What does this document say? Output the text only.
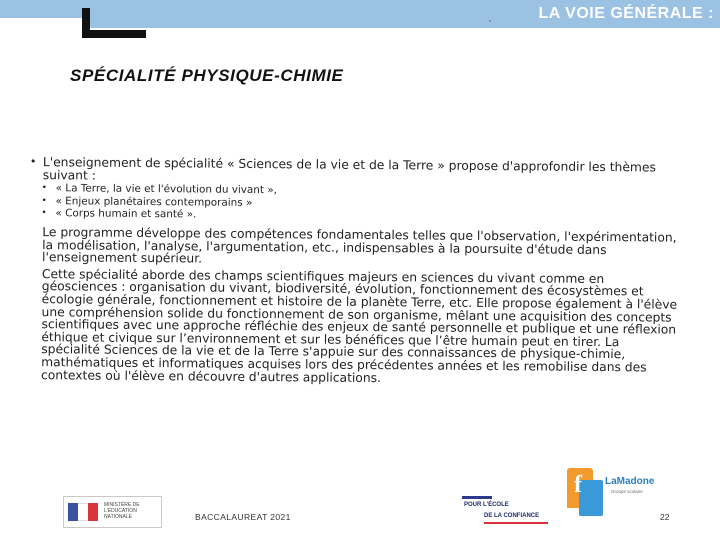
LA VOIE GÉNÉRALE :
`
SPÉCIALITÉ PHYSIQUE-CHIMIE
• L'enseignement de spécialité « Sciences de la vie et de la Terre » propose d'approfondir les thèmes suivant :
• « La Terre, la vie et l'évolution du vivant »,
• « Enjeux planétaires contemporains »
• « Corps humain et santé ».

Le programme développe des compétences fondamentales telles que l'observation, l'expérimentation, la modélisation, l'analyse, l'argumentation, etc., indispensables à la poursuite d'étude dans l'enseignement supérieur.

Cette spécialité aborde des champs scientifiques majeurs en sciences du vivant comme en géosciences : organisation du vivant, biodiversité, évolution, fonctionnement des écosystèmes et écologie générale, fonctionnement et histoire de la planète Terre, etc. Elle propose également à l'élève une compréhension solide du fonctionnement de son organisme, mêlant une acquisition des concepts scientifiques avec une approche réfléchie des enjeux de santé personnelle et publique et une réflexion éthique et civique sur l’environnement et sur les bénéfices que l’être humain peut en tirer. La spécialité Sciences de la vie et de la Terre s'appuie sur des connaissances de physique-chimie, mathématiques et informatiques acquises lors des précédentes années et les remobilise dans des contextes où l'élève en découvre d'autres applications.

MINISTÈRE DE L'ÉDUCATION NATIONALE	BACCALAUREAT 2021
POUR L'ÉCOLE
DE LA CONFIANCE
f LaMadone
Groupe scolaire
22
